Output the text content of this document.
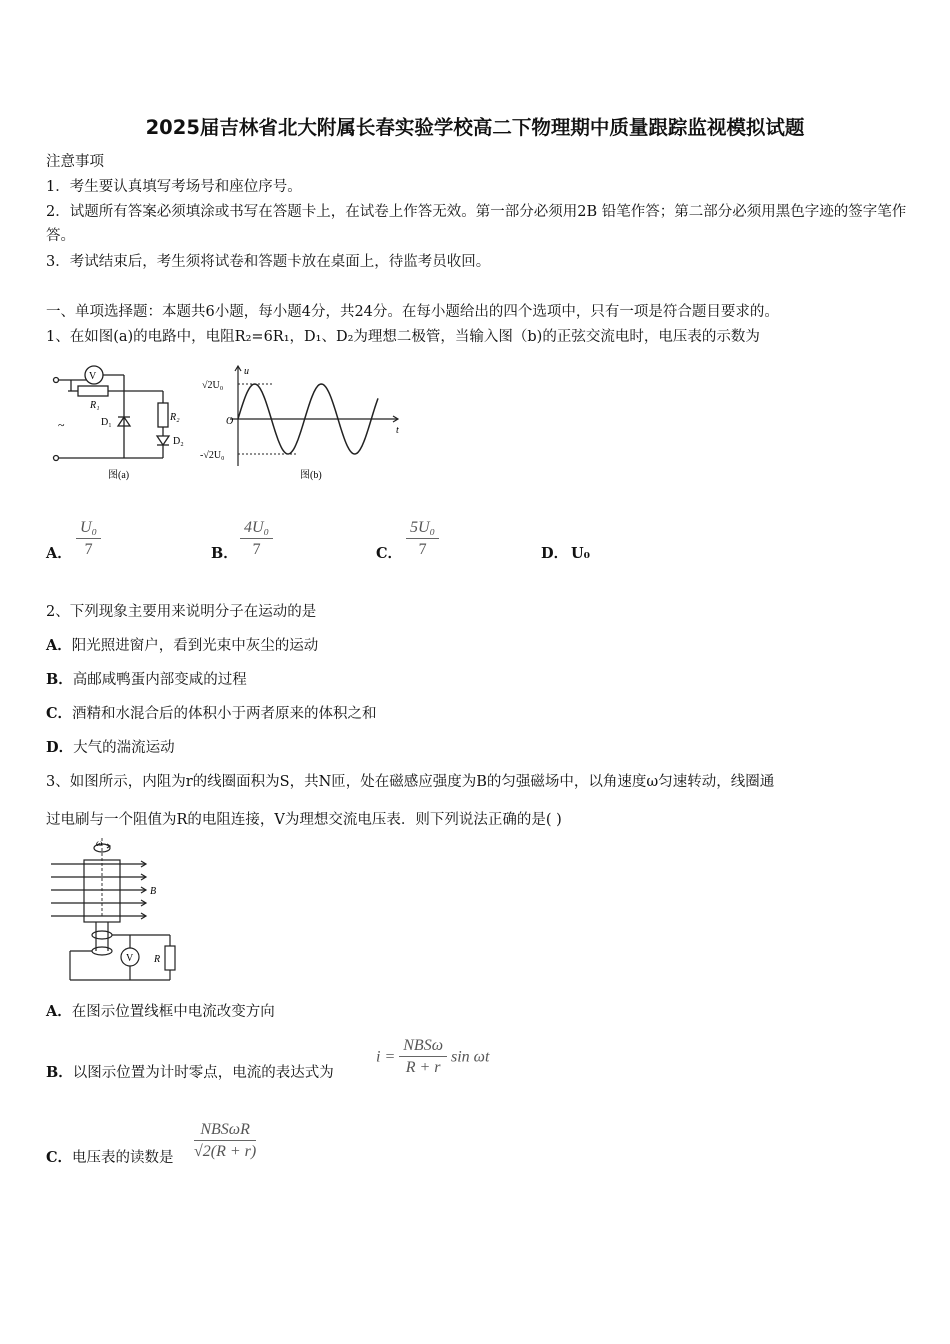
2025届吉林省北大附属长春实验学校高二下物理期中质量跟踪监视模拟试题
注意事项
1．考生要认真填写考场号和座位序号。
2．试题所有答案必须填涂或书写在答题卡上，在试卷上作答无效。第一部分必须用2B 铅笔作答；第二部分必须用黑色字迹的签字笔作答。
3．考试结束后，考生须将试卷和答题卡放在桌面上，待监考员收回。
一、单项选择题：本题共6小题，每小题4分，共24分。在每小题给出的四个选项中，只有一项是符合题目要求的。
1、在如图(a)的电路中，电阻R₂=6R₁，D₁、D₂为理想二极管，当输入图（b)的正弦交流电时，电压表的示数为
V
R₁
D₁	R₂
D₂
~
图(a)
u
t
O
√2U₀
-√2U₀
图(b)
A． $\frac{\text{U₀}}{7}$	B． $\frac{\text{4U₀}}{7}$	C． $\frac{\text{5U₀}}{7}$	D． U₀
2、下列现象主要用来说明分子在运动的是
A．阳光照进窗户，看到光束中灰尘的运动
B．高邮咸鸭蛋内部变咸的过程
C．酒精和水混合后的体积小于两者原来的体积之和
D．大气的湍流运动
3、如图所示，内阻为r的线圈面积为S，共N匝，处在磁感应强度为B的匀强磁场中，以角速度ω匀速转动，线圈通
过电刷与一个阻值为R的电阻连接，V为理想交流电压表．则下列说法正确的是( )
ω
B
V R
A．在图示位置线框中电流改变方向
B．以图示位置为计时零点，电流的表达式为
$i = \frac{\text{NBSω}}{R + r}$ sin ωt
C．电压表的读数是
NBSωR
√2(R + r)
